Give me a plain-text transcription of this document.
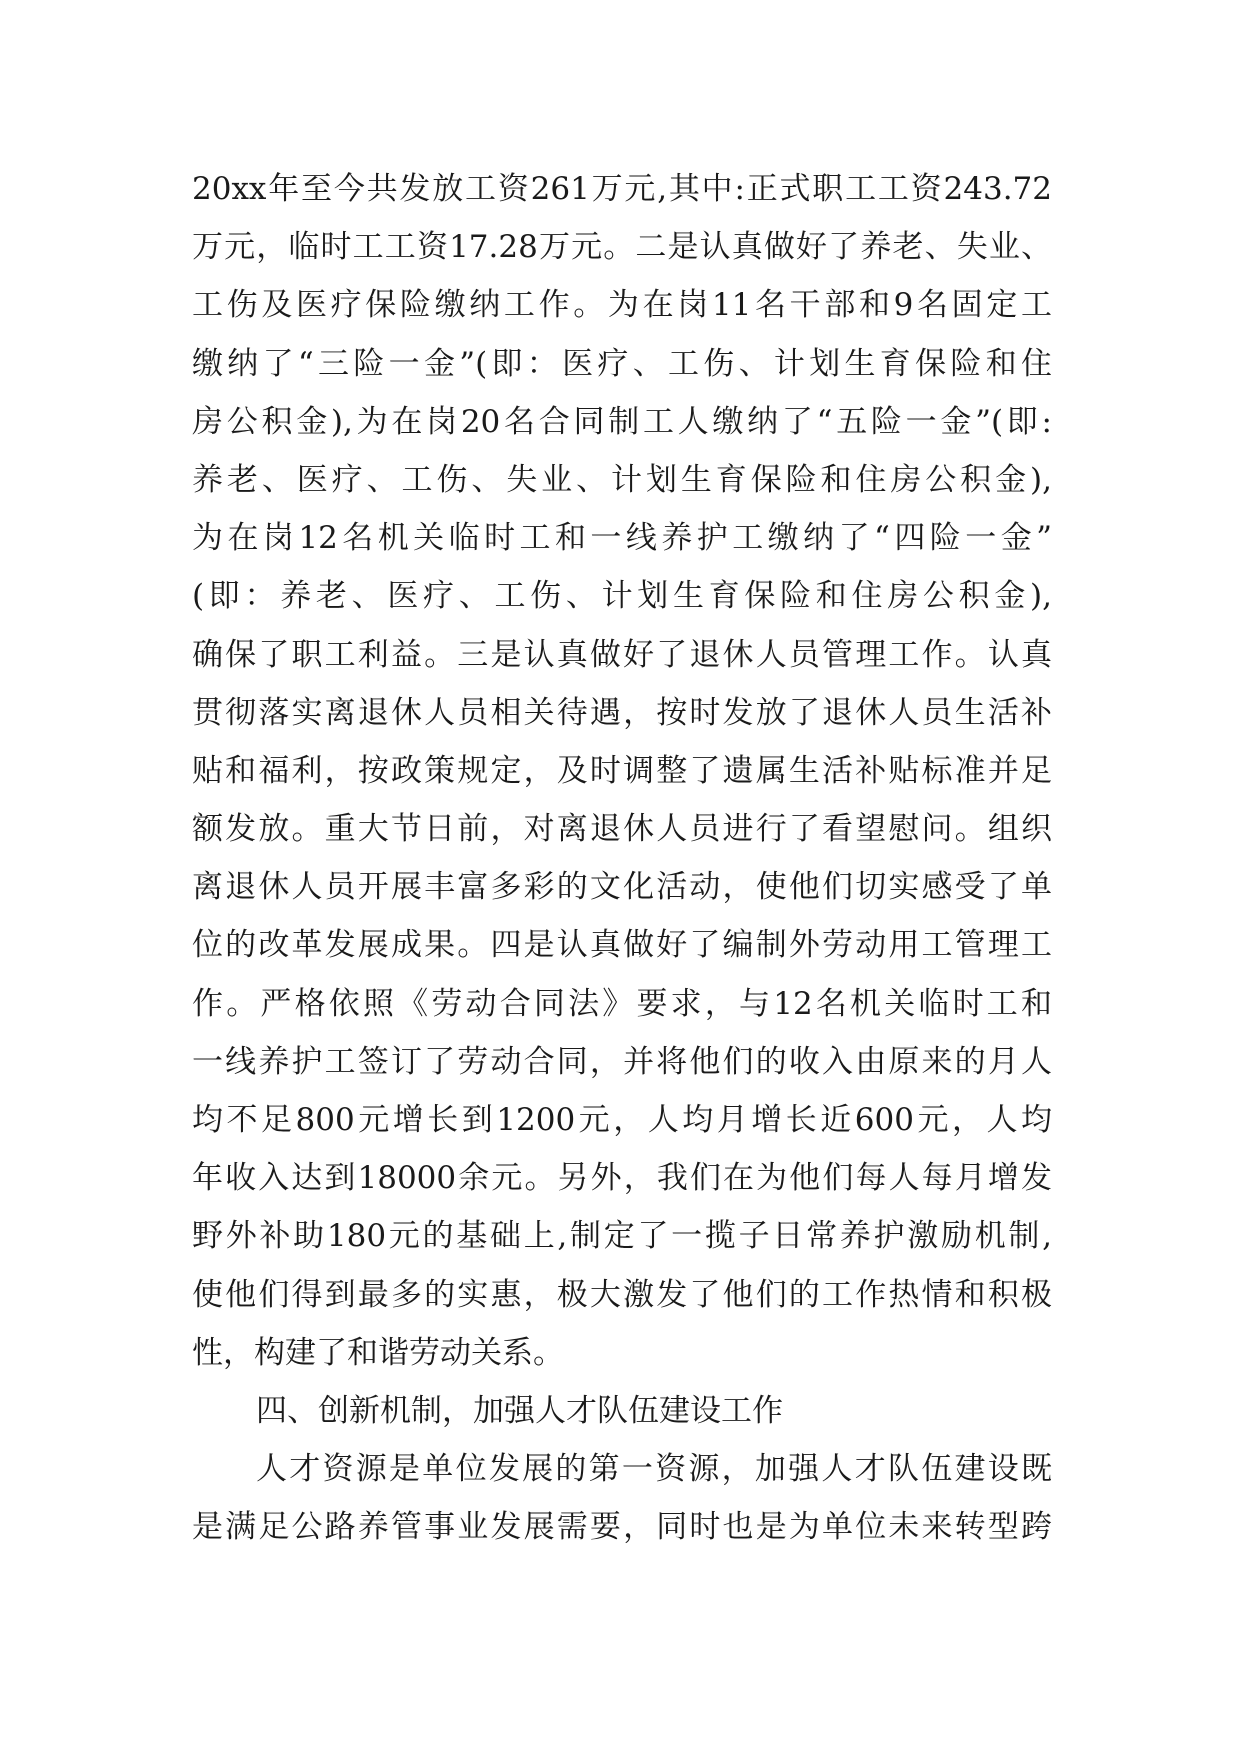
20xx年至今共发放工资261万元,其中:正式职工工资243.72
万元，临时工工资17.28万元。二是认真做好了养老、失业、
工伤及医疗保险缴纳工作。为在岗11名干部和9名固定工
缴纳了“三险一金”(即：医疗、工伤、计划生育保险和住
房公积金),为在岗20名合同制工人缴纳了“五险一金”(即:
养老、医疗、工伤、失业、计划生育保险和住房公积金),
为在岗12名机关临时工和一线养护工缴纳了“四险一金”
(即：养老、医疗、工伤、计划生育保险和住房公积金),
确保了职工利益。三是认真做好了退休人员管理工作。认真
贯彻落实离退休人员相关待遇，按时发放了退休人员生活补
贴和福利，按政策规定，及时调整了遗属生活补贴标准并足
额发放。重大节日前，对离退休人员进行了看望慰问。组织
离退休人员开展丰富多彩的文化活动，使他们切实感受了单
位的改革发展成果。四是认真做好了编制外劳动用工管理工
作。严格依照《劳动合同法》要求，与12名机关临时工和
一线养护工签订了劳动合同，并将他们的收入由原来的月人
均不足800元增长到1200元，人均月增长近600元，人均
年收入达到18000余元。另外，我们在为他们每人每月增发
野外补助180元的基础上,制定了一揽子日常养护激励机制,
使他们得到最多的实惠，极大激发了他们的工作热情和积极
性，构建了和谐劳动关系。
四、创新机制，加强人才队伍建设工作
人才资源是单位发展的第一资源，加强人才队伍建设既
是满足公路养管事业发展需要，同时也是为单位未来转型跨
